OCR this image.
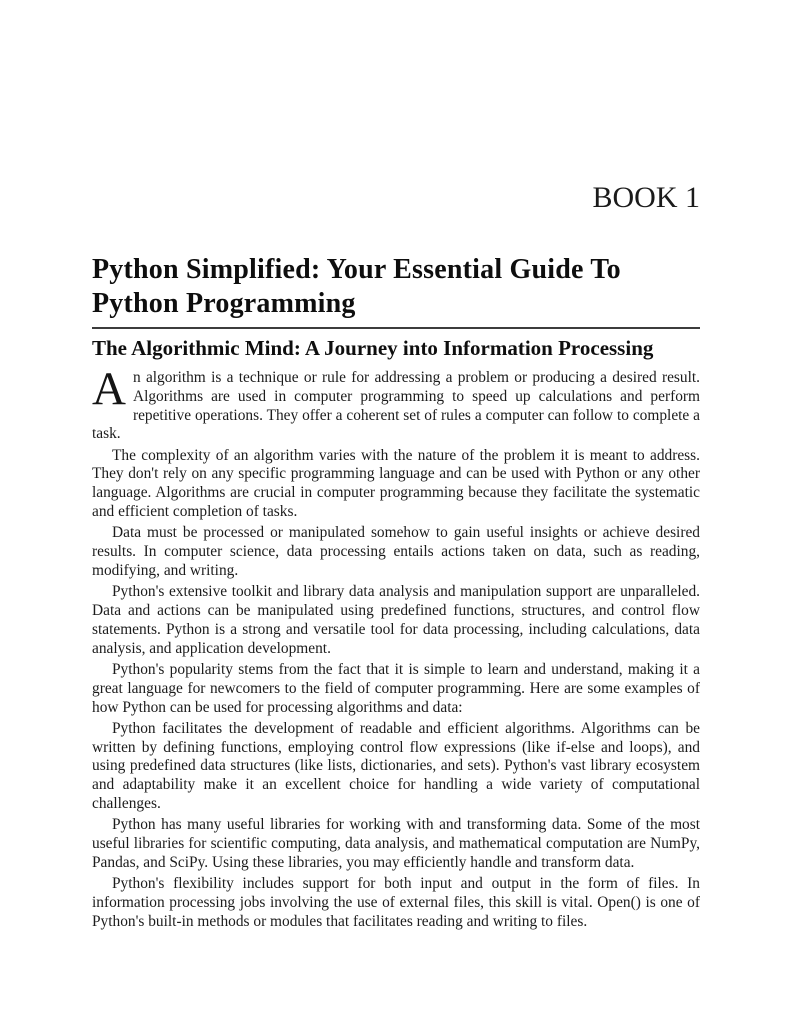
BOOK 1
Python Simplified: Your Essential Guide To Python Programming
The Algorithmic Mind: A Journey into Information Processing

An algorithm is a technique or rule for addressing a problem or producing a desired result. Algorithms are used in computer programming to speed up calculations and perform repetitive operations. They offer a coherent set of rules a computer can follow to complete a task.

The complexity of an algorithm varies with the nature of the problem it is meant to address. They don't rely on any specific programming language and can be used with Python or any other language. Algorithms are crucial in computer programming because they facilitate the systematic and efficient completion of tasks.

Data must be processed or manipulated somehow to gain useful insights or achieve desired results. In computer science, data processing entails actions taken on data, such as reading, modifying, and writing.

Python's extensive toolkit and library data analysis and manipulation support are unparalleled. Data and actions can be manipulated using predefined functions, structures, and control flow statements. Python is a strong and versatile tool for data processing, including calculations, data analysis, and application development.

Python's popularity stems from the fact that it is simple to learn and understand, making it a great language for newcomers to the field of computer programming. Here are some examples of how Python can be used for processing algorithms and data:

Python facilitates the development of readable and efficient algorithms. Algorithms can be written by defining functions, employing control flow expressions (like if-else and loops), and using predefined data structures (like lists, dictionaries, and sets). Python's vast library ecosystem and adaptability make it an excellent choice for handling a wide variety of computational challenges.

Python has many useful libraries for working with and transforming data. Some of the most useful libraries for scientific computing, data analysis, and mathematical computation are NumPy, Pandas, and SciPy. Using these libraries, you may efficiently handle and transform data.

Python's flexibility includes support for both input and output in the form of files. In information processing jobs involving the use of external files, this skill is vital. Open() is one of Python's built-in methods or modules that facilitates reading and writing to files.
